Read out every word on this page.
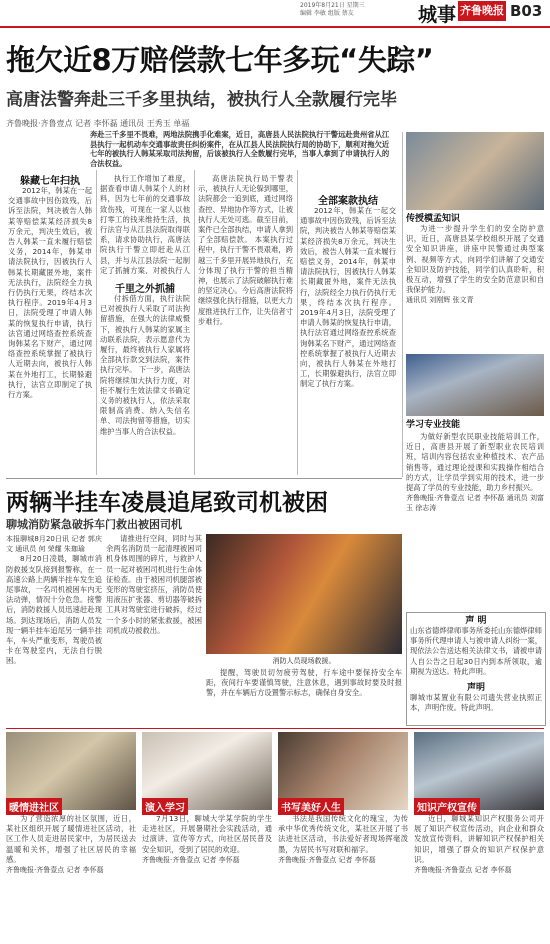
2019年8月21日 星期三
编辑 李敏 组版 蔡友	城事 齐鲁晚报 B03
拖欠近8万赔偿款七年多玩“失踪”
高唐法警奔赴三千多里执结，被执行人全款履行完毕
齐鲁晚报·齐鲁壹点 记者 李怀磊 通讯员 王秀玉 单福
奔赴三千多里不畏难，两地法院携手化难案，近日，高唐县人民法院执行干警远赴贵州省从江县执行一起机动车交通事故责任纠纷案件，在从江县人民法院执行局的协助下，顺利对拖欠近七年的被执行人韩某采取司法拘留，后该被执行人全数履行完毕，当事人拿到了申请执行人的合法权益。
躲藏七年扫执

2012年，韩某在一起交通事故中因伤致残，后诉至法院，判决被告人韩某等赔偿某某经济损失8万余元，判决生效后，被告人韩某一直未履行赔偿义务，2014年，韩某申请法院执行，因被执行人韩某长期藏匿外地，案件无法执行，法院经全力执行仍执行无果，终结本次执行程序。2019年4月3日，法院受理了申请人韩某的恢复执行申请，执行法官通过网络查控系统查询韩某名下财产，通过网络查控系统掌握了被执行人近期去向，被执行人韩某在外地打工，长期躲避执行，法官立即制定了执行方案。

执行工作增加了难度，据查看申请人韩某个人的材料，因为七年前的交通事故致伤残，可现在一家人以他打零工的钱来维持生活，执行法官与从江县法院取得联系，请求协助执行，高唐法院执行干警立即赶赴从江县，并与从江县法院一起制定了抓捕方案，对被执行人

千里之外抓捕

付拆借方面，执行法院已对被执行人采取了司法拘留措施，在强大的法律威慑下，被执行人韩某的家属主动联系法院，表示愿意代为履行，最终被执行人家属将全部执行款交到法院，案件执行完毕。 下一步，高唐法院将继续加大执行力度，对拒不履行生效法律文书确定义务的被执行人，依法采取限制高消费、纳入失信名单、司法拘留等措施，切实维护当事人的合法权益。

高唐法院执行局干警表示，被执行人无论躲到哪里，法院都会一追到底，通过网络查控、异地协作等方式，让被执行人无处可逃。截至目前，案件已全部执结，申请人拿到了全部赔偿款。 本案执行过程中，执行干警不畏艰难，跨越三千多里开展异地执行，充分体现了执行干警的担当精神，也展示了法院破解执行难的坚定决心。今后高唐法院将继续强化执行措施，以更大力度推进执行工作，让失信者寸步难行。

全部案款执结

2012年，韩某在一起交通事故中因伤致残，后诉至法院，判决被告人韩某等赔偿某某经济损失8万余元，判决生效后，被告人韩某一直未履行赔偿义务，2014年，韩某申请法院执行，因被执行人韩某长期藏匿外地，案件无法执行，法院经全力执行仍执行无果，终结本次执行程序。2019年4月3日，法院受理了申请人韩某的恢复执行申请，执行法官通过网络查控系统查询韩某名下财产，通过网络查控系统掌握了被执行人近期去向，被执行人韩某在外地打工，长期躲避执行，法官立即制定了执行方案。

传授模孟知识

为进一步提升学生们的安全防护意识，近日，高唐县某学校组织开展了交通安全知识讲座，讲座中民警通过典型案例、视频等方式，向同学们讲解了交通安全知识及防护技能，同学们认真聆听，积极互动，增强了学生的安全防范意识和自我保护能力。

通讯员 刘刚辉 张文青
学习专业技能

为做好新型农民职业技能培训工作，近日，高唐县开展了新型职业农民培训班，培训内容包括农业种植技术、农产品销售等，通过理论授课和实践操作相结合的方式，让学员学到实用的技术，进一步提高了学员的专业技能，助力乡村振兴。

齐鲁晚报·齐鲁壹点 记者 李怀磊 通讯员 刘富玉 徐志涛
两辆半挂车凌晨追尾致司机被困
聊城消防紧急破拆车门救出被困司机
本报聊城8月20日讯 记者 郭庆文 通讯员 何 荣耀 朱珈瑜

8月20日凌晨，聊城市消防救援支队接到报警称，在一高速公路上两辆半挂车发生追尾事故，一名司机被困车内无法动弹，情况十分危急。接警后，消防救援人员迅速赶赴现场。到达现场后，消防人员发现一辆半挂车追尾另一辆半挂车，车头严重变形，驾驶员被卡在驾驶室内，无法自行脱困。

请推进行空间，同时与其余两名消防员一起清理被困司机身体周围的碎片，与救护人员一起对被困司机进行生命体征检查。由于被困司机腿部被变形的驾驶室挤压，消防员使用液压扩张器、剪切器等破拆工具对驾驶室进行破拆，经过一个多小时的紧张救援，被困司机成功被救出。

消防人员现场救援。

提醒，驾驶员切勿疲劳驾驶，行车途中要保持安全车距，夜间行车要谨慎驾驶，注意休息，遇到事故时要及时报警，并在车辆后方设置警示标志，确保自身安全。

声 明
山东省德烨律师事务所委托山东德烨律师事务所代理申请人与被申请人纠纷一案，现依法公告送达相关法律文书，请被申请人自公告之日起30日内到本所领取，逾期视为送达。特此声明。
声明
聊城市某置业有限公司遗失营业执照正本，声明作废。特此声明。
暖情进社区

为了营造浓厚的社区氛围，近日，某社区组织开展了暖情进社区活动，社区工作人员走进居民家中，为居民送去温暖和关怀，增强了社区居民的幸福感。

齐鲁晚报·齐鲁壹点 记者 李怀磊
演入学习

7月13日，聊城大学某学院的学生走进社区，开展暑期社会实践活动，通过演讲、宣传等方式，向社区居民普及安全知识，受到了居民的欢迎。

齐鲁晚报·齐鲁壹点 记者 李怀磊
书写美好人生

书法是我国传统文化的瑰宝，为传承中华优秀传统文化，某社区开展了书法进社区活动，书法爱好者现场挥毫泼墨，为居民书写对联和福字。

齐鲁晚报·齐鲁壹点 记者 李怀磊
知识产权宣传

近日，聊城某知识产权服务公司开展了知识产权宣传活动，向企业和群众发放宣传资料，讲解知识产权保护相关知识，增强了群众的知识产权保护意识。

齐鲁晚报·齐鲁壹点 记者 李怀磊
